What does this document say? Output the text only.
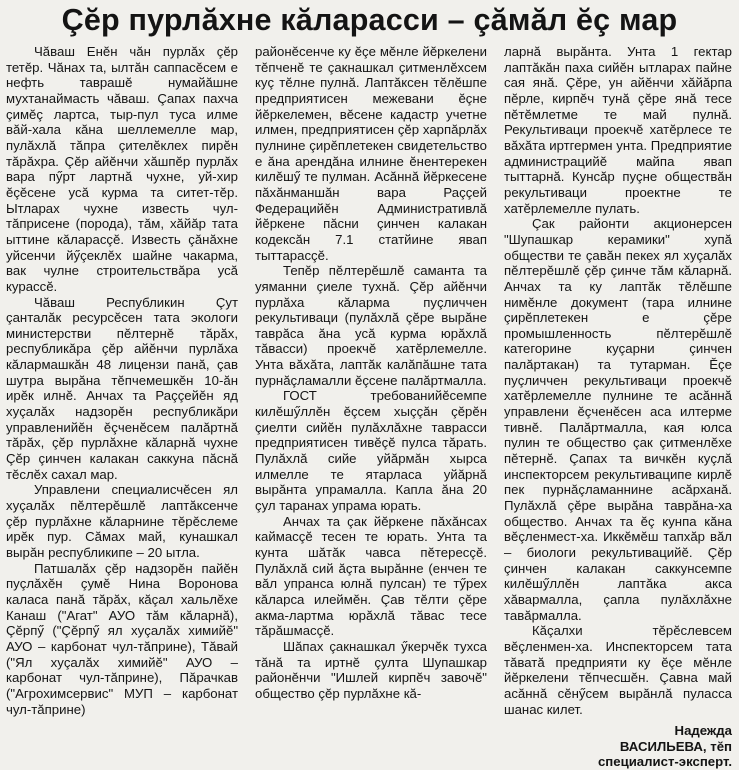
Çĕр пурлăхне кăларасси – çăмăл ĕç мар

Чăваш Енĕн чăн пурлăх çĕр тетĕр. Чăнах та, ылтăн саппасĕсем е нефть таврашĕ нумайăшне мухтанаймасть чăваш. Çапах пахча çимĕç лартса, тыр-пул туса илме вăй-хала кăна шеллемелле мар, пулăхлă тăпра çителĕклех пирĕн тăрăхра. Çĕр айĕнчи хăшпĕр пурлăх вара пӳрт лартнă чухне, уй-хир ĕçĕсене усă курма та ситет-тĕр. Ытларах чухне известь чул-тăприсене (порода), тăм, хăйăр тата ыттине кăларасçĕ. Известь çăнăхне уйсенчи йӳçеклĕх шайне чакарма, вак чулне строительствăра усă курассĕ.

Чăваш Республикин Çут çанталăк ресурсĕсен тата экологи министерстви пĕлтернĕ тăрăх, республикăра çĕр айĕнчи пурлăха кăлармашкăн 48 лицензи панă, çав шутра вырăна тĕпчемешкĕн 10-ăн ирĕк илнĕ. Анчах та Раççейĕн яд хуçалăх надзорĕн республикăри управленийĕн ĕçченĕсем палăртнă тăрăх, çĕр пурлăхне кăларнă чухне Çĕр çинчен калакан саккуна пăснă тĕслĕх сахал мар.

Управлени специалисчĕсен ял хуçалăх пĕлтерĕшлĕ лаптăксенче çĕр пурлăхне кăларнине тĕрĕслеме ирĕк пур. Сăмах май, кунашкал вырăн республикипе – 20 ытла.

Патшалăх çĕр надзорĕн пайĕн пуçлăхĕн çумĕ Нина Воронова каласа панă тăрăх, кăçал хальлĕхе Канаш ("Агат" АУО тăм кăларнă), Çĕрпӳ ("Çĕрпӳ ял хуçалăх химийĕ" АУО – карбонат чул-тăприне), Тăвай ("Ял хуçалăх химийĕ" АУО – карбонат чул-тăприне), Пăрачкав ("Агрохимсервис" МУП – карбонат чул-тăприне)

районĕсенче ку ĕçе мĕнле йĕркелени тĕпченĕ те çакнашкал çитменлĕхсем куç тĕлне пулнă. Лаптăксен тĕлĕшпе предприятисен межевани ĕçне йĕркелемен, вĕсене кадастр учетне илмен, предприятисен çĕр харпăрлăх пулнине çирĕплетекен свидетельство е ăна арендăна илнине ĕнентерекен килĕшӳ те пулман. Асăннă йĕркесене пăхăнманшăн вара Раççей Федерацийĕн Административлă йĕркене пăсни çинчен калакан кодексăн 7.1 статйине явап тыттарасçĕ.

Тепĕр пĕлтерĕшлĕ саманта та уяманни çиеле тухнă. Çĕр айĕнчи пурлăха кăларма пуçличчен рекультиваци (пулăхлă çĕре вырăне таврăса ăна усă курма юрăхлă тăвасси) проекчĕ хатĕрлемелле. Унта вăхăта, лаптăк калăпăшне тата пурнăçламалли ĕçсене палăртмалла.

ГОСТ требованийĕсемпе килĕшӳллĕн ĕçсем хыççăн çĕрĕн çиелти сийĕн пулăхлăхне таврасси предприятисен тивĕçĕ пулса тăрать. Пулăхлă сийе уйăрмăн хырса илмелле те ятарласа уйăрнă вырăнта упрамалла. Капла ăна 20 çул таранах упрама юрать.

Анчах та çак йĕркене пăхăнсах каймасçĕ тесен те юрать. Унта та кунта шăтăк чавса пĕтересçĕ. Пулăхлă сий ăçта вырăнне (енчен те вăл упранса юлнă пулсан) те тӳрех кăларса илеймĕн. Çав тĕлти çĕре акма-лартма юрăхлă тăвас тесе тăрăшмасçĕ.

Шăпах çакнашкал ӳкерчĕк тухса тăнă та иртнĕ çулта Шупашкар районĕнчи "Ишлей кирпĕч завочĕ" общество çĕр пурлăхне кă-

ларнă вырăнта. Унта 1 гектар лаптăкăн паха сийĕн ытларах пайне сая янă. Çĕре, ун айĕнчи хăйăрпа пĕрле, кирпĕч тунă çĕре янă тесе пĕтĕмлетме те май пулнă. Рекультиваци проекчĕ хатĕрлесе те вăхăта иртгермен унта. Предприятие администрацийĕ майпа явап тыттарнă. Кунсăр пуçне обществăн рекультиваци проектне те хатĕрлемелле пулать.

Çак районти акционерсен "Шупашкар керамики" хупă обществи те çавăн пекех ял хуçалăх пĕлтерĕшлĕ çĕр çинче тăм кăларнă. Анчах та ку лаптăк тĕлĕшпе нимĕнле документ (тара илнине çирĕплетекен е çĕре промышленность пĕлтерĕшлĕ категорине куçарни çинчен палăртакан) та тутарман. Ĕçе пуçличчен рекультиваци проекчĕ хатĕрлемелле пулнине те асăннă управлени ĕçченĕсен аса илтерме тивнĕ. Палăртмалла, кая юлса пулин те общество çак çитменлĕхе пĕтернĕ. Çапах та вичкĕн куçлă инспекторсем рекультиваципе кирлĕ пек пурнăçламаннине асăрханă. Пулăхлă çĕре вырăна таврăна-ха общество. Анчах та ĕç кунпа кăна вĕçленмест-ха. Иккĕмĕш тапхăр вăл – биологи рекультивацийĕ. Çĕр çинчен калакан саккунсемпе килĕшӳллĕн лаптăка акса хăвармалла, çапла пулăхлăхне тавăрмалла.

Кăçалхи тĕрĕслевсем вĕçленмен-ха. Инспекторсем тата тăватă предприяти ку ĕçе мĕнле йĕркелени тĕпчесшĕн. Çавна май асăннă сĕнӳсем вырăнлă пуласса шанас килет.

Надежда
ВАСИЛЬЕВА, тĕп
специалист-эксперт.
